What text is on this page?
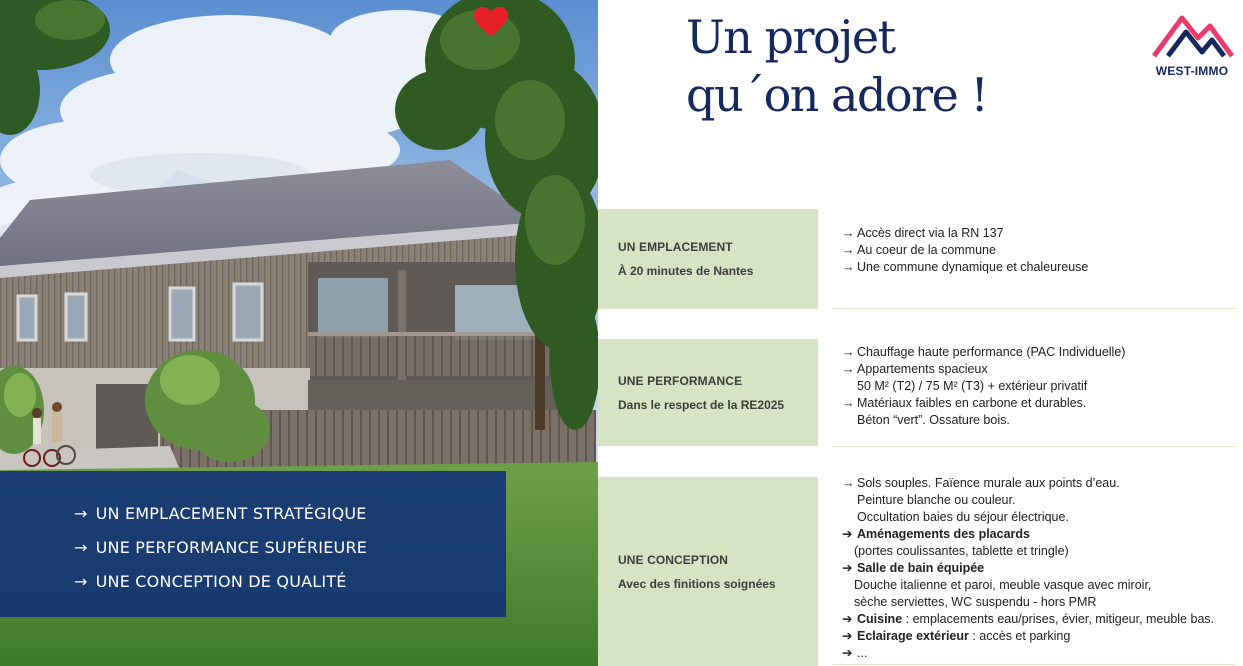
→ UN EMPLACEMENT STRATÉGIQUE
→ UNE PERFORMANCE SUPÉRIEURE
→ UNE CONCEPTION DE QUALITÉ
Un projet
qu´on adore !	WEST-IMMO
UN EMPLACEMENT
À 20 minutes de Nantes
→ Accès direct via la RN 137
→ Au coeur de la commune
→ Une commune dynamique et chaleureuse
UNE PERFORMANCE
Dans le respect de la RE2025
→ Chauffage haute performance (PAC Individuelle)
→ Appartements spacieux
50 M² (T2) / 75 M² (T3) + extérieur privatif
→ Matériaux faibles en carbone et durables.
Béton “vert”. Ossature bois.
UNE CONCEPTION
Avec des finitions soignées
→ Sols souples. Faïence murale aux points d’eau.
Peinture blanche ou couleur.
Occultation baies du séjour électrique.
➔ Aménagements des placards
(portes coulissantes, tablette et tringle)
➔ Salle de bain équipée
Douche italienne et paroi, meuble vasque avec miroir,
sèche serviettes, WC suspendu - hors PMR
➔ Cuisine : emplacements eau/prises, évier, mitigeur, meuble bas.
➔ Eclairage extérieur : accès et parking
➔ ...
